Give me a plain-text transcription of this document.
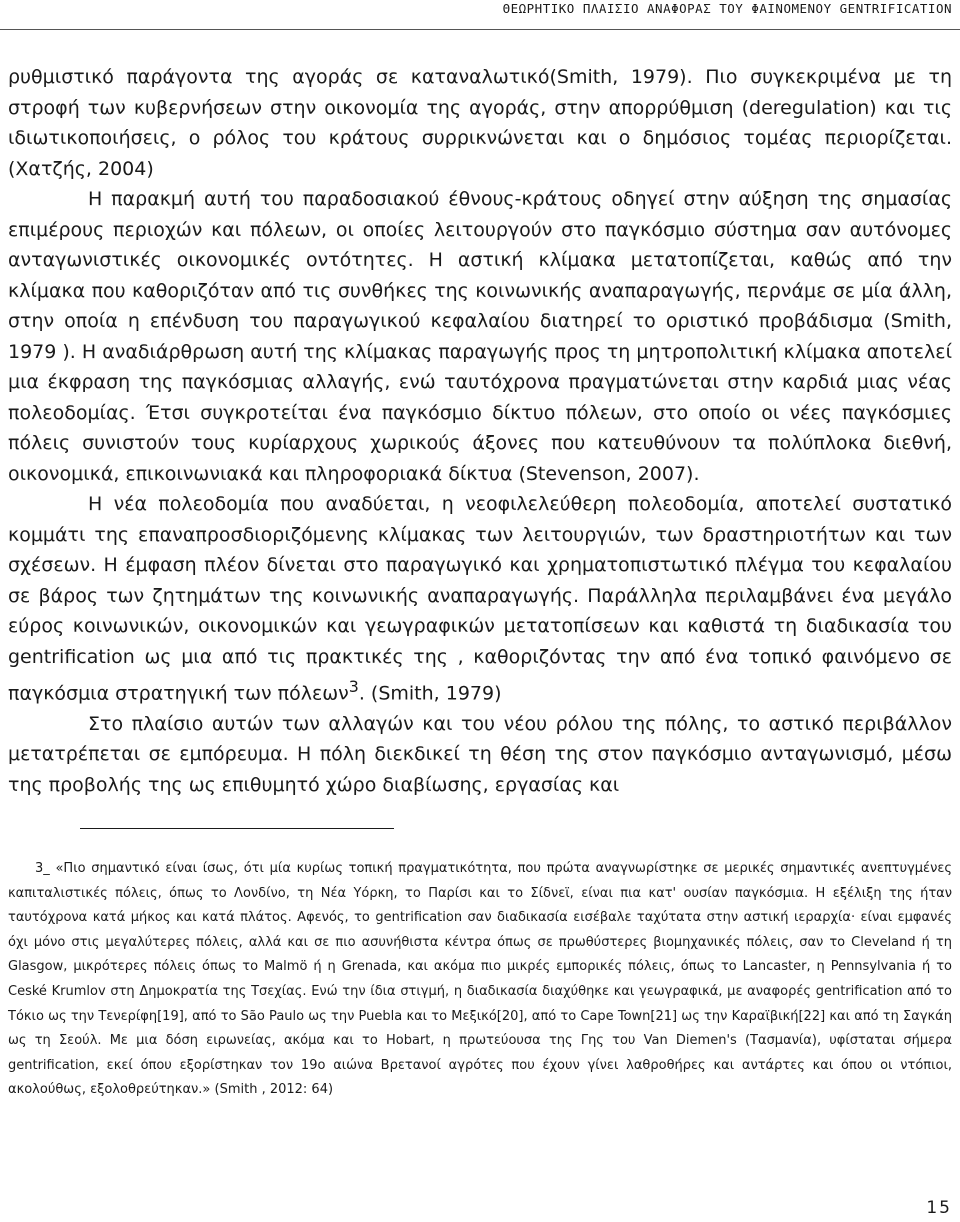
ΘΕΩΡΗΤΙΚΟ ΠΛΑΙΣΙΟ ΑΝΑΦΟΡΑΣ ΤΟΥ ΦΑΙΝΟΜΕΝΟΥ GENTRIFICATION

ρυθμιστικό παράγοντα της αγοράς σε καταναλωτικό(Smith, 1979). Πιο συγκεκριμένα με τη στροφή των κυβερνήσεων στην οικονομία της αγοράς, στην απορρύθμιση (deregulation) και τις ιδιωτικοποιήσεις, ο ρόλος του κράτους συρρικνώνεται και ο δημόσιος τομέας περιορίζεται. (Χατζής, 2004)

Η παρακμή αυτή του παραδοσιακού έθνους-κράτους οδηγεί στην αύξηση της σημασίας επιμέρους περιοχών και πόλεων, οι οποίες λειτουργούν στο παγκόσμιο σύστημα σαν αυτόνομες ανταγωνιστικές οικονομικές οντότητες. Η αστική κλίμακα μετατοπίζεται, καθώς από την κλίμακα που καθοριζόταν από τις συνθήκες της κοινωνικής αναπαραγωγής, περνάμε σε μία άλλη, στην οποία η επένδυση του παραγωγικού κεφαλαίου διατηρεί το οριστικό προβάδισμα (Smith, 1979 ). Η αναδιάρθρωση αυτή της κλίμακας παραγωγής προς τη μητροπολιτική κλίμακα αποτελεί μια έκφραση της παγκόσμιας αλλαγής, ενώ ταυτόχρονα πραγματώνεται στην καρδιά μιας νέας πολεοδομίας. Έτσι συγκροτείται ένα παγκόσμιο δίκτυο πόλεων, στο οποίο οι νέες παγκόσμιες πόλεις συνιστούν τους κυρίαρχους χωρικούς άξονες που κατευθύνουν τα πολύπλοκα διεθνή, οικονομικά, επικοινωνιακά και πληροφοριακά δίκτυα (Stevenson, 2007).

Η νέα πολεοδομία που αναδύεται, η νεοφιλελεύθερη πολεοδομία, αποτελεί συστατικό κομμάτι της επαναπροσδιοριζόμενης κλίμακας των λειτουργιών, των δραστηριοτήτων και των σχέσεων. Η έμφαση πλέον δίνεται στο παραγωγικό και χρηματοπιστωτικό πλέγμα του κεφαλαίου σε βάρος των ζητημάτων της κοινωνικής αναπαραγωγής. Παράλληλα περιλαμβάνει ένα μεγάλο εύρος κοινωνικών, οικονομικών και γεωγραφικών μετατοπίσεων και καθιστά τη διαδικασία του gentrification ως μια από τις πρακτικές της , καθοριζόντας την από ένα τοπικό φαινόμενο σε παγκόσμια στρατηγική των πόλεων$^3$. (Smith, 1979)

Στο πλαίσιο αυτών των αλλαγών και του νέου ρόλου της πόλης, το αστικό περιβάλλον μετατρέπεται σε εμπόρευμα. Η πόλη διεκδικεί τη θέση της στον παγκόσμιο ανταγωνισμό, μέσω της προβολής της ως επιθυμητό χώρο διαβίωσης, εργασίας και

3_ «Πιο σημαντικό είναι ίσως, ότι μία κυρίως τοπική πραγματικότητα, που πρώτα αναγνωρίστηκε σε μερικές σημαντικές ανεπτυγμένες καπιταλιστικές πόλεις, όπως το Λονδίνο, τη Νέα Υόρκη, το Παρίσι και το Σίδνεϊ, είναι πια κατ' ουσίαν παγκόσμια. Η εξέλιξη της ήταν ταυτόχρονα κατά μήκος και κατά πλάτος. Αφενός, το gentrification σαν διαδικασία εισέβαλε ταχύτατα στην αστική ιεραρχία· είναι εμφανές όχι μόνο στις μεγαλύτερες πόλεις, αλλά και σε πιο ασυνήθιστα κέντρα όπως σε πρωθύστερες βιομηχανικές πόλεις, σαν το Cleveland ή τη Glasgow, μικρότερες πόλεις όπως το Malmö ή η Grenada, και ακόμα πιο μικρές εμπορικές πόλεις, όπως το Lancaster, η Pennsylvania ή το Ceské Krumlov στη Δημοκρατία της Τσεχίας. Ενώ την ίδια στιγμή, η διαδικασία διαχύθηκε και γεωγραφικά, με αναφορές gentrification από το Τόκιο ως την Τενερίφη[19], από το São Paulo ως την Puebla και το Μεξικό[20], από το Cape Town[21] ως την Καραϊβική[22] και από τη Σαγκάη ως τη Σεούλ. Με μια δόση ειρωνείας, ακόμα και το Hobart, η πρωτεύουσα της Γης του Van Diemen's (Τασμανία), υφίσταται σήμερα gentrification, εκεί όπου εξορίστηκαν τον 19ο αιώνα Βρετανοί αγρότες που έχουν γίνει λαθροθήρες και αντάρτες και όπου οι ντόπιοι, ακολούθως, εξολοθρεύτηκαν.» (Smith , 2012: 64)

15
